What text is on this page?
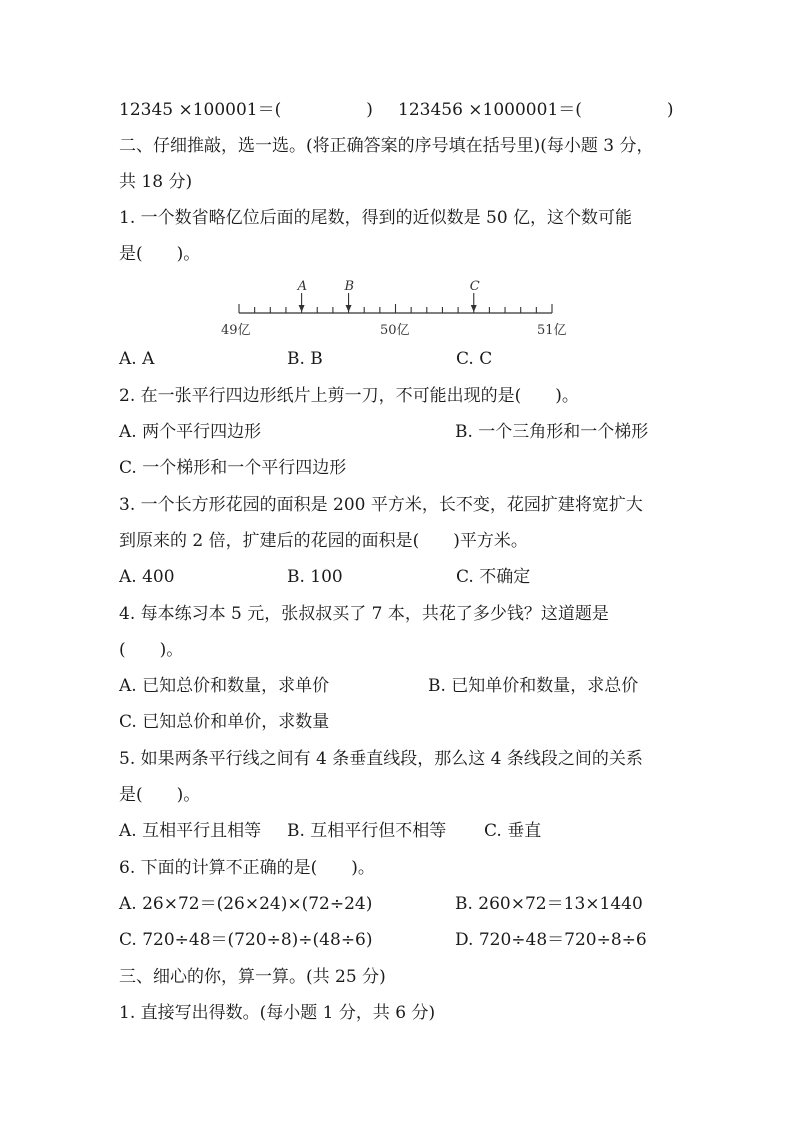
12345 ×100001＝(　　　　　) 123456 ×1000001＝(　　　　　)
二、仔细推敲，选一选。(将正确答案的序号填在括号里)(每小题 3 分，
共 18 分)
1. 一个数省略亿位后面的尾数，得到的近似数是 50 亿，这个数可能
是(　　)。
A	B	C
49亿	50亿	51亿
A. A	B. B	C. C
2. 在一张平行四边形纸片上剪一刀，不可能出现的是(　　)。
A. 两个平行四边形	B. 一个三角形和一个梯形
C. 一个梯形和一个平行四边形
3. 一个长方形花园的面积是 200 平方米，长不变，花园扩建将宽扩大
到原来的 2 倍，扩建后的花园的面积是(　　)平方米。
A. 400	B. 100	C. 不确定
4. 每本练习本 5 元，张叔叔买了 7 本，共花了多少钱？这道题是
(　　)。
A. 已知总价和数量，求单价	B. 已知单价和数量，求总价
C. 已知总价和单价，求数量
5. 如果两条平行线之间有 4 条垂直线段，那么这 4 条线段之间的关系
是(　　)。
A. 互相平行且相等 B. 互相平行但不相等 C. 垂直
6. 下面的计算不正确的是(　　)。
A. 26×72＝(26×24)×(72÷24)	B. 260×72＝13×1440
C. 720÷48＝(720÷8)÷(48÷6)	D. 720÷48＝720÷8÷6
三、细心的你，算一算。(共 25 分)
1. 直接写出得数。(每小题 1 分，共 6 分)
